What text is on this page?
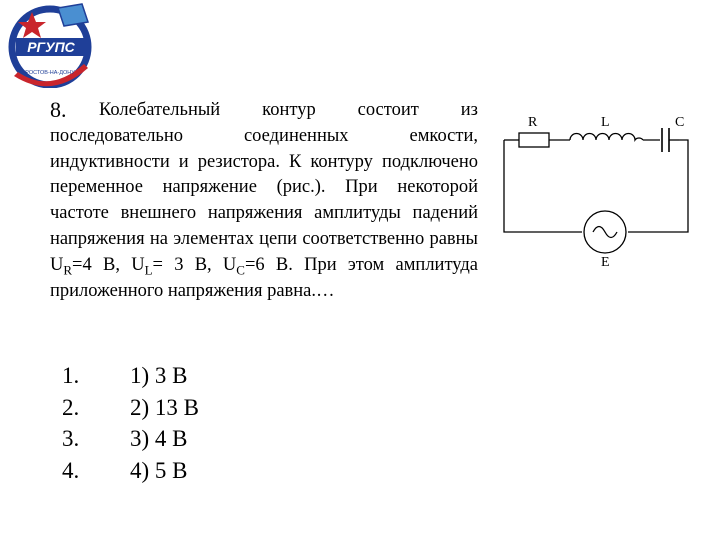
РГУПС
РОСТОВ-НА-ДОНУ
8.	Колебательный контур состоит из последовательно соединенных емкости, индуктивности и резистора. К контуру подключено переменное напряжение (рис.). При некоторой частоте внешнего напряжения амплитуды падений напряжения на элементах цепи соответственно равны $U_R=4$ В, $U_L= 3$ В, $U_C=6$ В. При этом амплитуда приложенного напряжения равна.…
R	L	C
E
1.
2.
3.
4.
1) 3 В
2) 13 В
3) 4 В
4) 5 В
